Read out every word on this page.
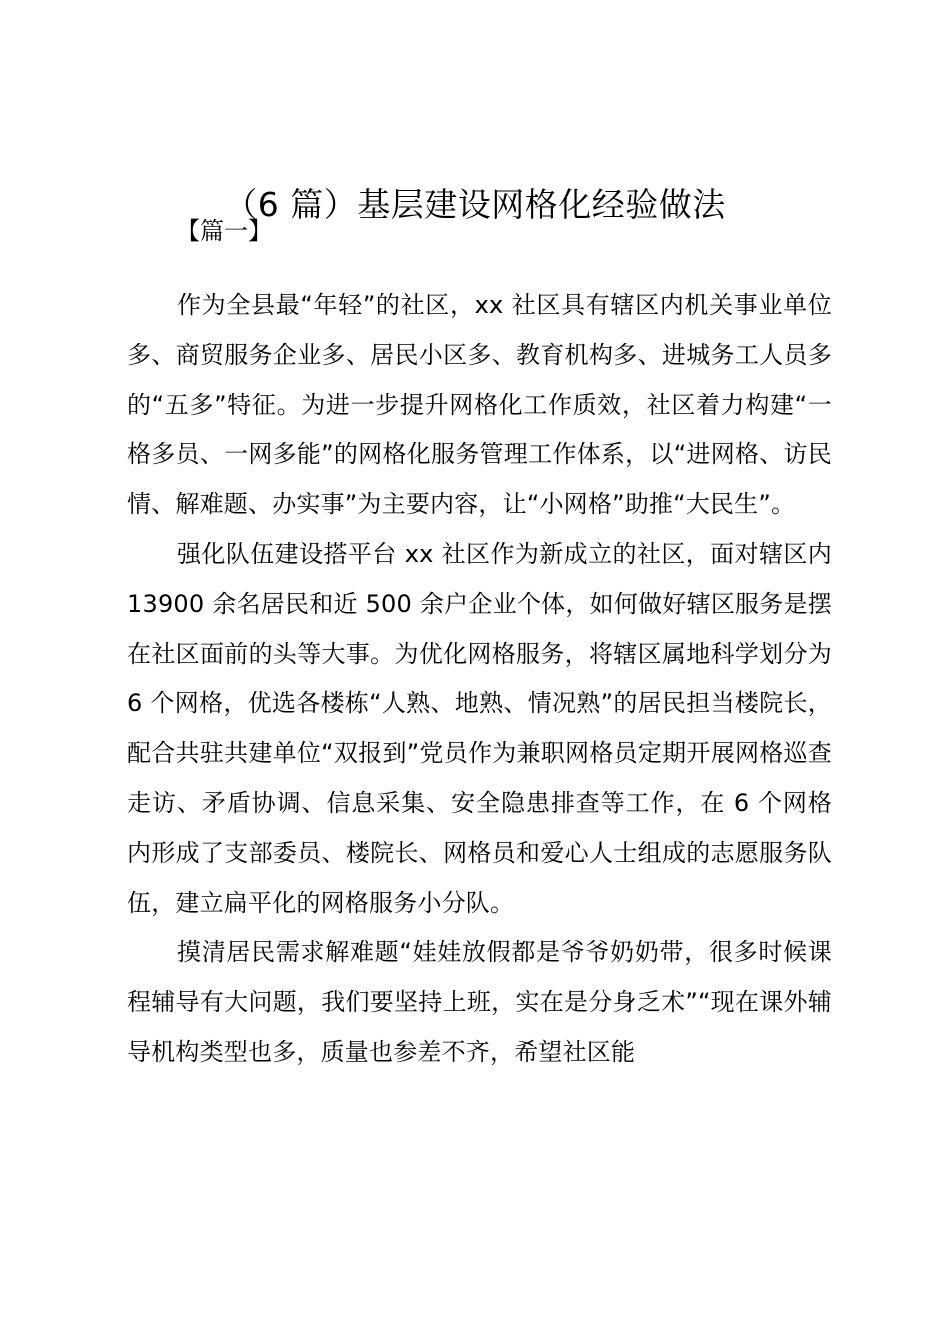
（6 篇）基层建设网格化经验做法
【篇一】

作为全县最“年轻”的社区，xx 社区具有辖区内机关事业单位多、商贸服务企业多、居民小区多、教育机构多、进城务工人员多的“五多”特征。为进一步提升网格化工作质效，社区着力构建“一格多员、一网多能”的网格化服务管理工作体系，以“进网格、访民情、解难题、办实事”为主要内容，让“小网格”助推“大民生”。

强化队伍建设搭平台 xx 社区作为新成立的社区，面对辖区内 13900 余名居民和近 500 余户企业个体，如何做好辖区服务是摆在社区面前的头等大事。为优化网格服务，将辖区属地科学划分为 6 个网格，优选各楼栋“人熟、地熟、情况熟”的居民担当楼院长，配合共驻共建单位“双报到”党员作为兼职网格员定期开展网格巡查走访、矛盾协调、信息采集、安全隐患排查等工作，在 6 个网格内形成了支部委员、楼院长、网格员和爱心人士组成的志愿服务队伍，建立扁平化的网格服务小分队。

摸清居民需求解难题“娃娃放假都是爷爷奶奶带，很多时候课程辅导有大问题，我们要坚持上班，实在是分身乏术”“现在课外辅导机构类型也多，质量也参差不齐，希望社区能
